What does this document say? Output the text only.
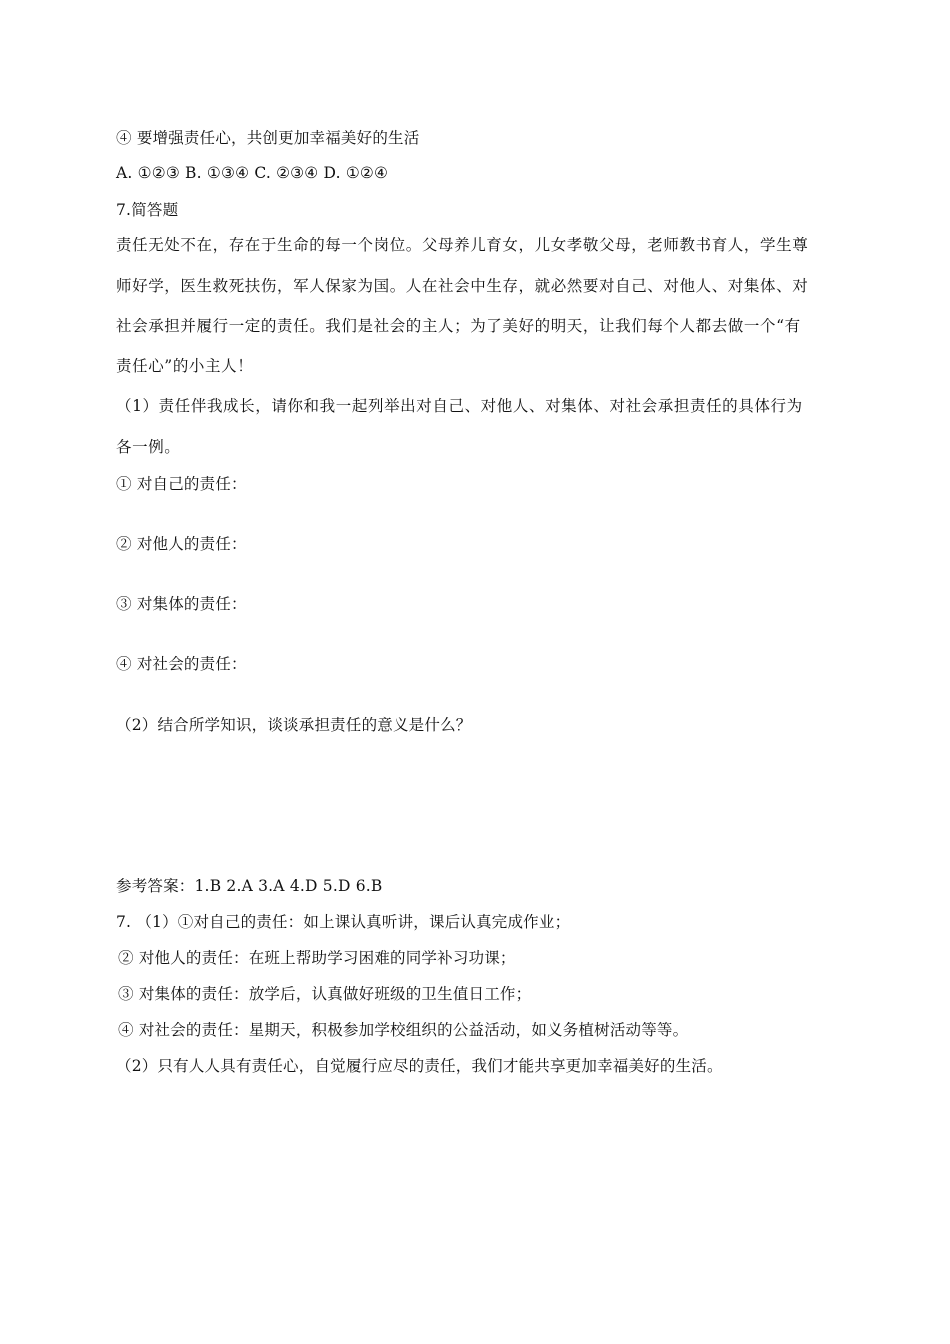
④ 要增强责任心，共创更加幸福美好的生活
A. ①②③ B. ①③④ C. ②③④ D. ①②④
7.简答题
责任无处不在，存在于生命的每一个岗位。父母养儿育女，儿女孝敬父母，老师教书育人，学生尊
师好学，医生救死扶伤，军人保家为国。人在社会中生存，就必然要对自己、对他人、对集体、对
社会承担并履行一定的责任。我们是社会的主人；为了美好的明天，让我们每个人都去做一个“有
责任心”的小主人！
（1）责任伴我成长，请你和我一起列举出对自己、对他人、对集体、对社会承担责任的具体行为
各一例。
① 对自己的责任：
② 对他人的责任：
③ 对集体的责任：
④ 对社会的责任：
（2）结合所学知识，谈谈承担责任的意义是什么？
参考答案：1.B 2.A 3.A 4.D 5.D 6.B
7. （1）①对自己的责任：如上课认真听讲，课后认真完成作业；
② 对他人的责任：在班上帮助学习困难的同学补习功课；
③ 对集体的责任：放学后，认真做好班级的卫生值日工作；
④ 对社会的责任：星期天，积极参加学校组织的公益活动，如义务植树活动等等。
（2）只有人人具有责任心，自觉履行应尽的责任，我们才能共享更加幸福美好的生活。
